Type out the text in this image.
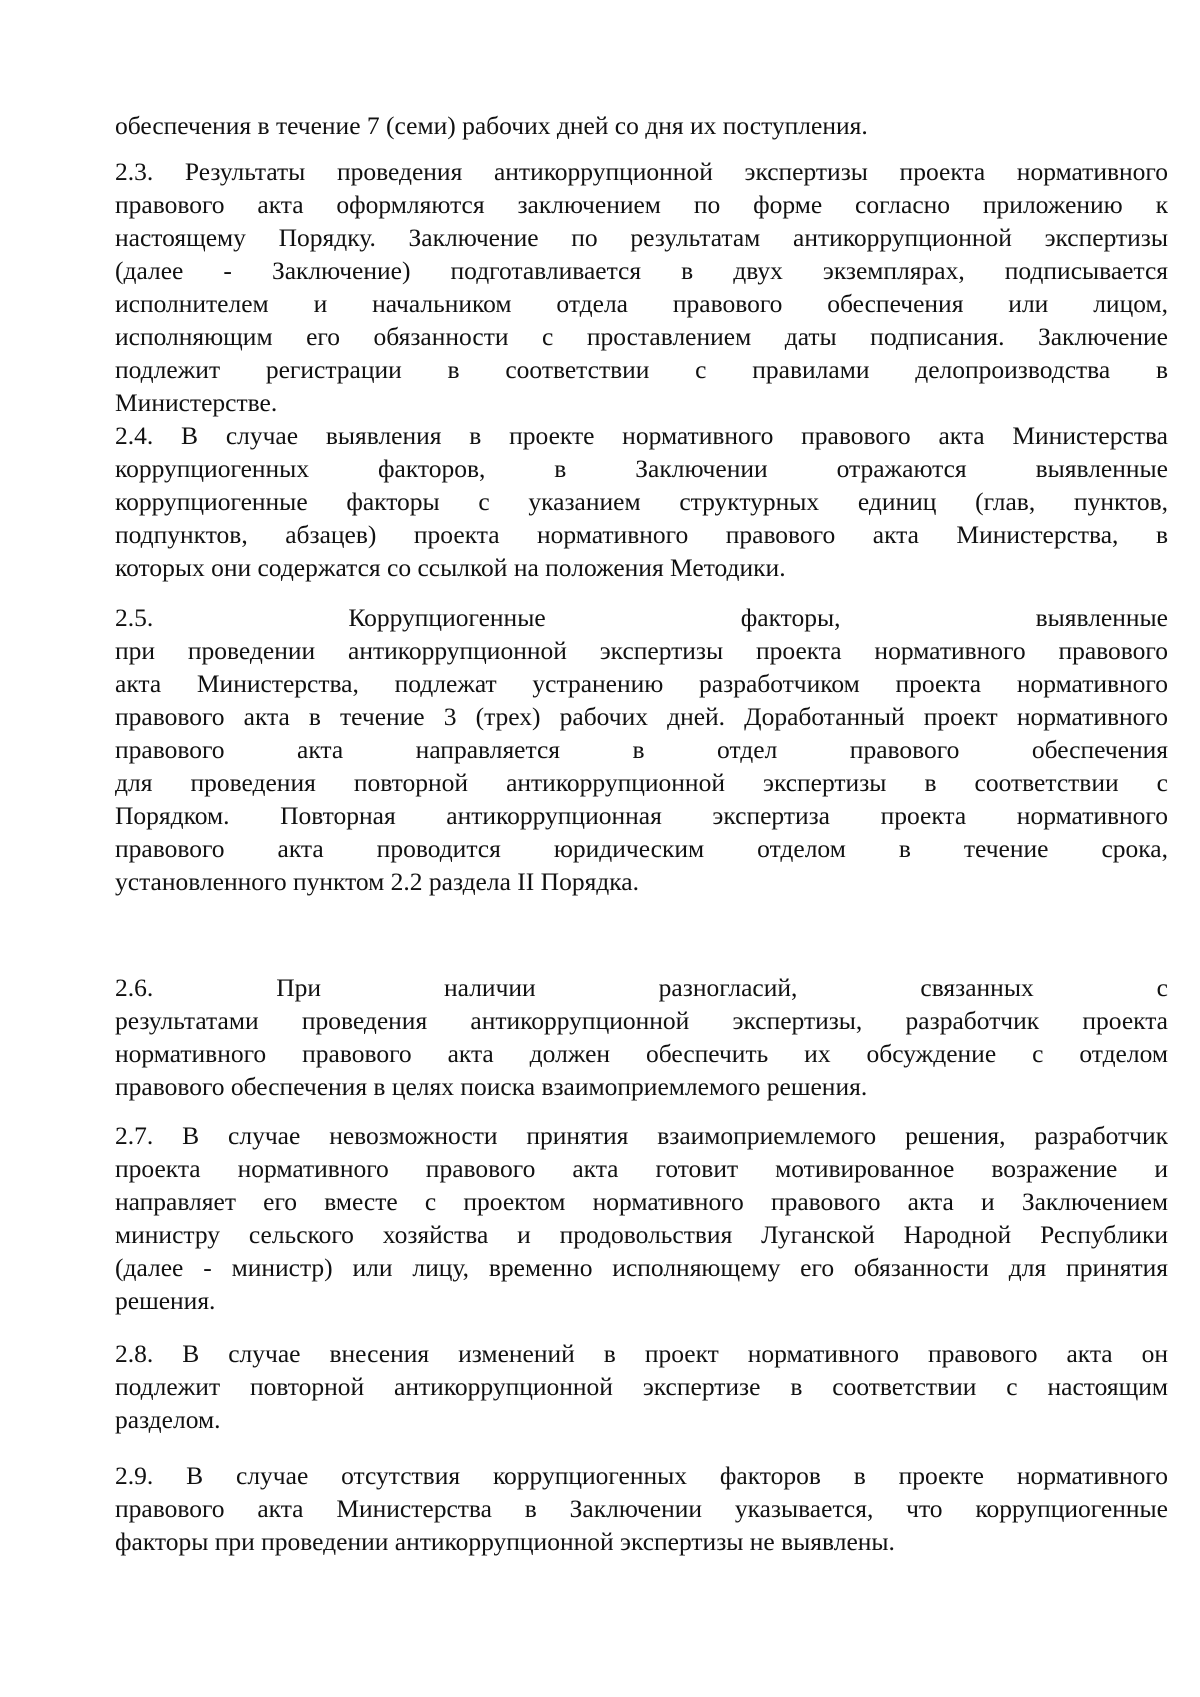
обеспечения в течение 7 (семи) рабочих дней со дня их поступления.
2.3. Результаты проведения антикоррупционной экспертизы проекта нормативного
правового акта оформляются заключением по форме согласно приложению к
настоящему Порядку. Заключение по результатам антикоррупционной экспертизы
(далее - Заключение) подготавливается в двух экземплярах, подписывается
исполнителем и начальником отдела правового обеспечения или лицом,
исполняющим его обязанности с проставлением даты подписания. Заключение
подлежит регистрации в соответствии с правилами делопроизводства в
Министерстве.
2.4. В случае выявления в проекте нормативного правового акта Министерства
коррупциогенных факторов, в Заключении отражаются выявленные
коррупциогенные факторы с указанием структурных единиц (глав, пунктов,
подпунктов, абзацев) проекта нормативного правового акта Министерства, в
которых они содержатся со ссылкой на положения Методики.
2.5. Коррупциогенные факторы, выявленные
при проведении антикоррупционной экспертизы проекта нормативного правового
акта Министерства, подлежат устранению разработчиком проекта нормативного
правового акта в течение 3 (трех) рабочих дней. Доработанный проект нормативного
правового акта направляется в отдел правового обеспечения
для проведения повторной антикоррупционной экспертизы в соответствии с
Порядком. Повторная антикоррупционная экспертиза проекта нормативного
правового акта проводится юридическим отделом в течение срока,
установленного пунктом 2.2 раздела II Порядка.
2.6. При наличии разногласий, связанных с
результатами проведения антикоррупционной экспертизы, разработчик проекта
нормативного правового акта должен обеспечить их обсуждение с отделом
правового обеспечения в целях поиска взаимоприемлемого решения.
2.7. В случае невозможности принятия взаимоприемлемого решения, разработчик
проекта нормативного правового акта готовит мотивированное возражение и
направляет его вместе с проектом нормативного правового акта и Заключением
министру сельского хозяйства и продовольствия Луганской Народной Республики
(далее - министр) или лицу, временно исполняющему его обязанности для принятия
решения.
2.8. В случае внесения изменений в проект нормативного правового акта он
подлежит повторной антикоррупционной экспертизе в соответствии с настоящим
разделом.
2.9. В случае отсутствия коррупциогенных факторов в проекте нормативного
правового акта Министерства в Заключении указывается, что коррупциогенные
факторы при проведении антикоррупционной экспертизы не выявлены.
